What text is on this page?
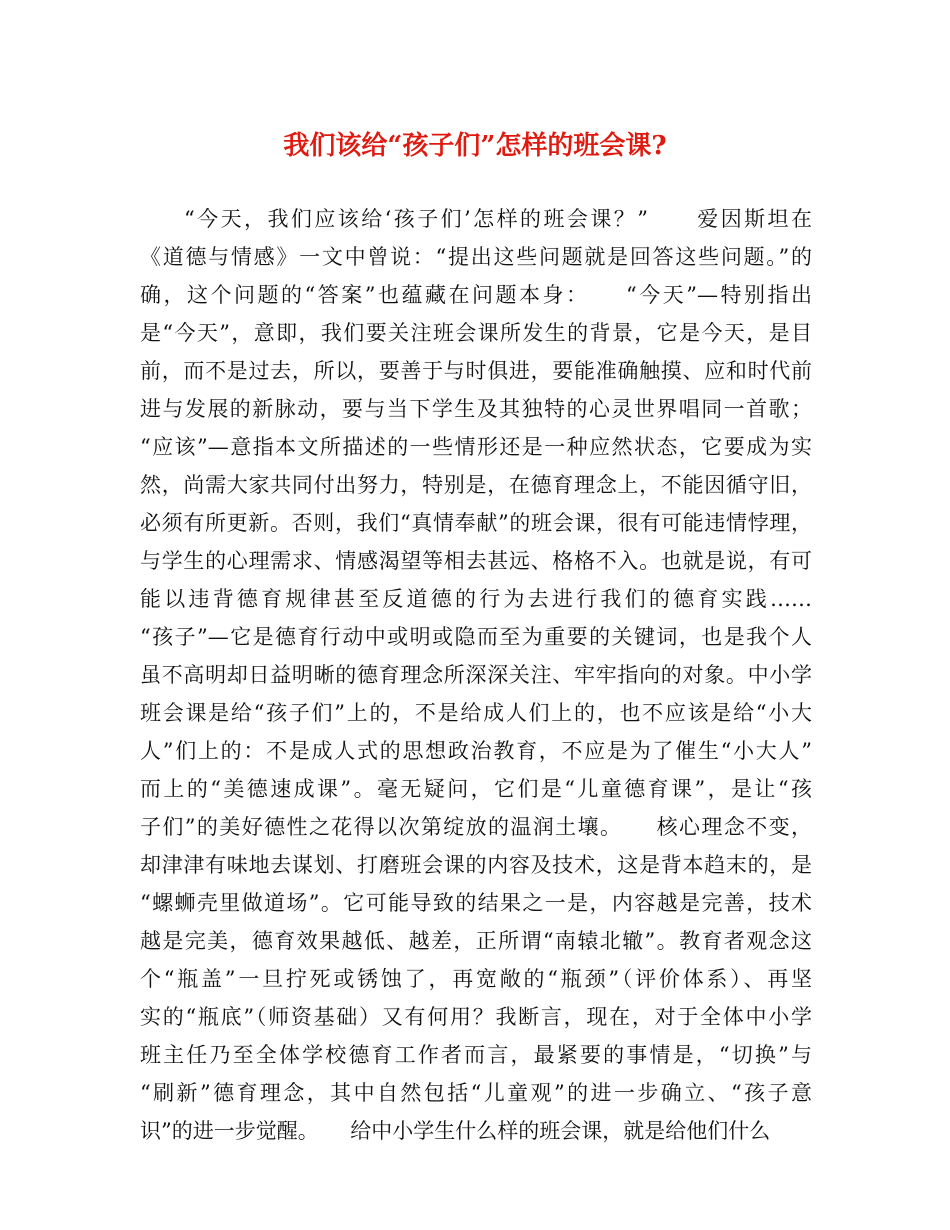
我们该给“孩子们”怎样的班会课?
“今天，我们应该给‘孩子们’怎样的班会课？”　　爱因斯坦在
《道德与情感》一文中曾说：“提出这些问题就是回答这些问题。”的
确，这个问题的“答案”也蕴藏在问题本身：　　“今天”—特别指出
是“今天”，意即，我们要关注班会课所发生的背景，它是今天，是目
前，而不是过去，所以，要善于与时俱进，要能准确触摸、应和时代前
进与发展的新脉动，要与当下学生及其独特的心灵世界唱同一首歌；
“应该”—意指本文所描述的一些情形还是一种应然状态，它要成为实
然，尚需大家共同付出努力，特别是，在德育理念上，不能因循守旧，
必须有所更新。否则，我们“真情奉献”的班会课，很有可能违情悖理，
与学生的心理需求、情感渴望等相去甚远、格格不入。也就是说，有可
能以违背德育规律甚至反道德的行为去进行我们的德育实践……
“孩子”—它是德育行动中或明或隐而至为重要的关键词，也是我个人
虽不高明却日益明晰的德育理念所深深关注、牢牢指向的对象。中小学
班会课是给“孩子们”上的，不是给成人们上的，也不应该是给“小大
人”们上的：不是成人式的思想政治教育，不应是为了催生“小大人”
而上的“美德速成课”。毫无疑问，它们是“儿童德育课”，是让“孩
子们”的美好德性之花得以次第绽放的温润土壤。　　核心理念不变，
却津津有味地去谋划、打磨班会课的内容及技术，这是背本趋末的，是
“螺蛳壳里做道场”。它可能导致的结果之一是，内容越是完善，技术
越是完美，德育效果越低、越差，正所谓“南辕北辙”。教育者观念这
个“瓶盖”一旦拧死或锈蚀了，再宽敞的“瓶颈”（评价体系）、再坚
实的“瓶底”（师资基础）又有何用？我断言，现在，对于全体中小学
班主任乃至全体学校德育工作者而言，最紧要的事情是，“切换”与
“刷新”德育理念，其中自然包括“儿童观”的进一步确立、“孩子意
识”的进一步觉醒。　　给中小学生什么样的班会课，就是给他们什么
